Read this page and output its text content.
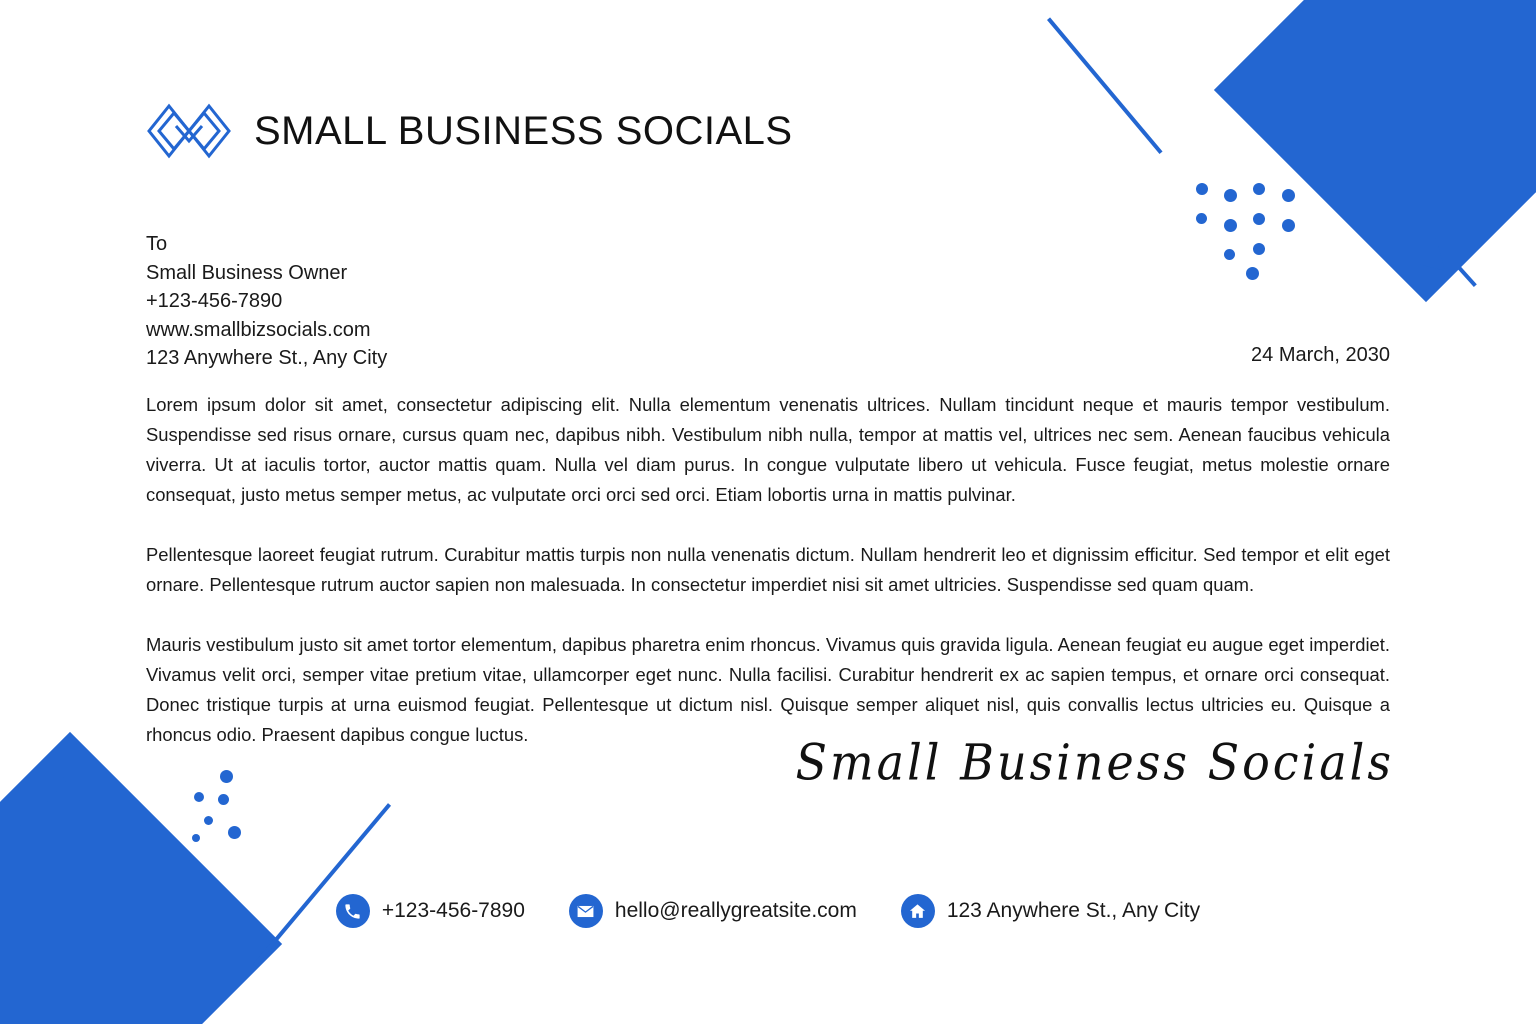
SMALL BUSINESS SOCIALS
To
Small Business Owner
+123-456-7890
www.smallbizsocials.com
123 Anywhere St., Any City	24 March, 2030

Lorem ipsum dolor sit amet, consectetur adipiscing elit. Nulla elementum venenatis ultrices. Nullam tincidunt neque et mauris tempor vestibulum. Suspendisse sed risus ornare, cursus quam nec, dapibus nibh. Vestibulum nibh nulla, tempor at mattis vel, ultrices nec sem. Aenean faucibus vehicula viverra. Ut at iaculis tortor, auctor mattis quam. Nulla vel diam purus. In congue vulputate libero ut vehicula. Fusce feugiat, metus molestie ornare consequat, justo metus semper metus, ac vulputate orci orci sed orci. Etiam lobortis urna in mattis pulvinar.

Pellentesque laoreet feugiat rutrum. Curabitur mattis turpis non nulla venenatis dictum. Nullam hendrerit leo et dignissim efficitur. Sed tempor et elit eget ornare. Pellentesque rutrum auctor sapien non malesuada. In consectetur imperdiet nisi sit amet ultricies. Suspendisse sed quam quam.

Mauris vestibulum justo sit amet tortor elementum, dapibus pharetra enim rhoncus. Vivamus quis gravida ligula. Aenean feugiat eu augue eget imperdiet. Vivamus velit orci, semper vitae pretium vitae, ullamcorper eget nunc. Nulla facilisi. Curabitur hendrerit ex ac sapien tempus, et ornare orci consequat. Donec tristique turpis at urna euismod feugiat. Pellentesque ut dictum nisl. Quisque semper aliquet nisl, quis convallis lectus ultricies eu. Quisque a rhoncus odio. Praesent dapibus congue luctus.	Small Business Socials
+123-456-7890	hello@reallygreatsite.com	123 Anywhere St., Any City
